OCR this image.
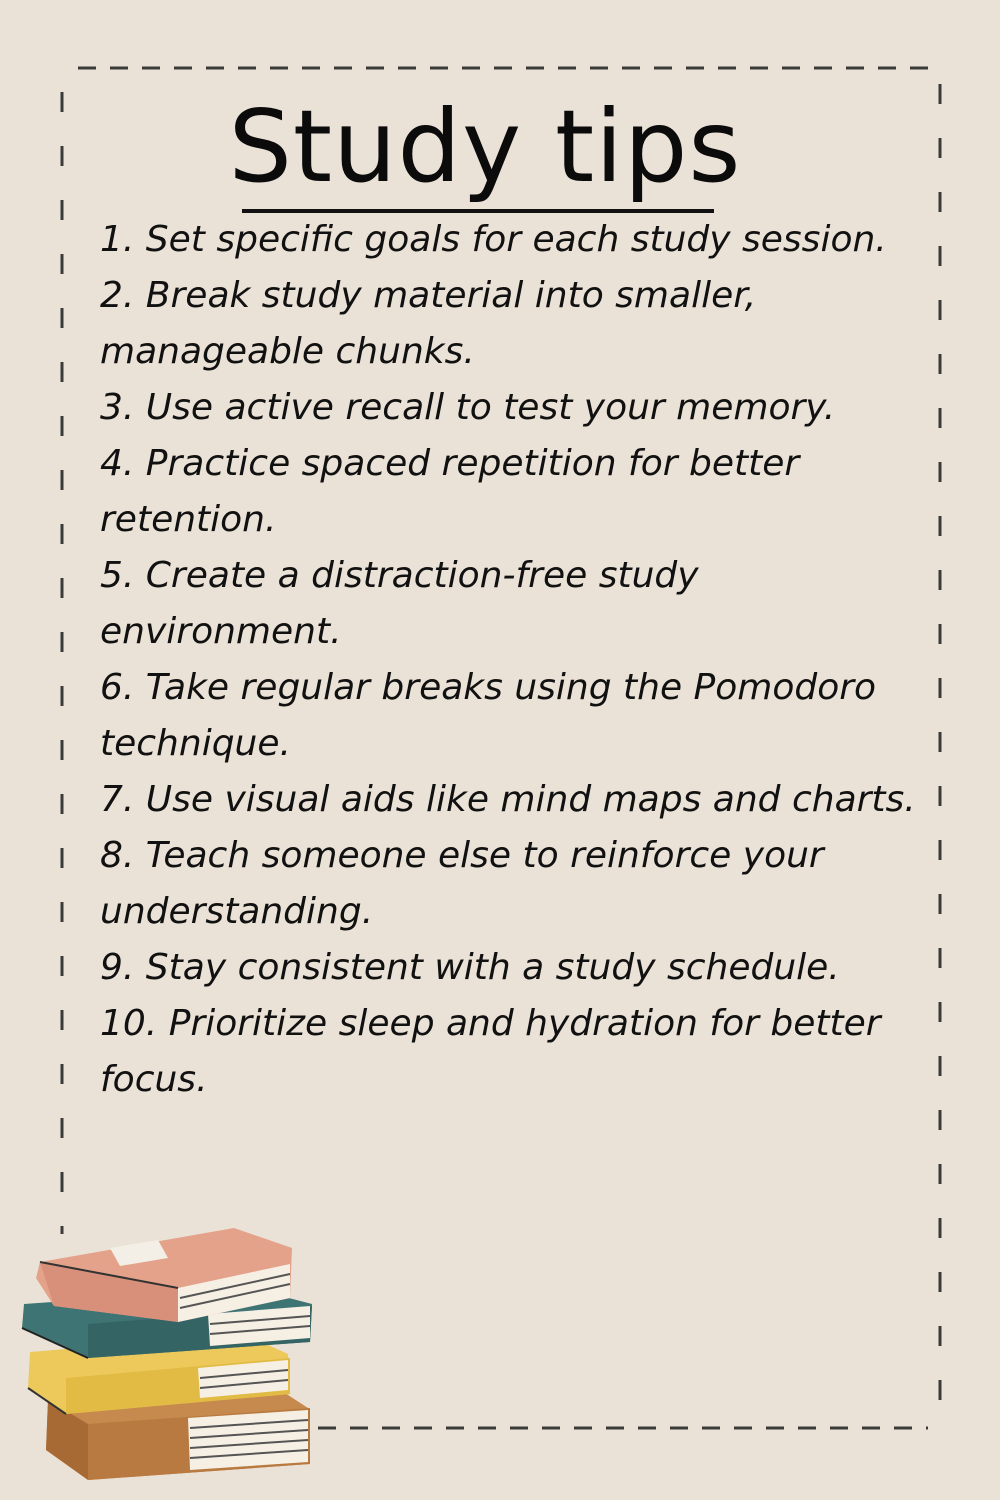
Study tips
1. Set specific goals for each study session.
2. Break study material into smaller, manageable chunks.
3. Use active recall to test your memory.
4. Practice spaced repetition for better retention.
5. Create a distraction-free study environment.
6. Take regular breaks using the Pomodoro technique.
7. Use visual aids like mind maps and charts.
8. Teach someone else to reinforce your understanding.
9. Stay consistent with a study schedule.
10. Prioritize sleep and hydration for better focus.
